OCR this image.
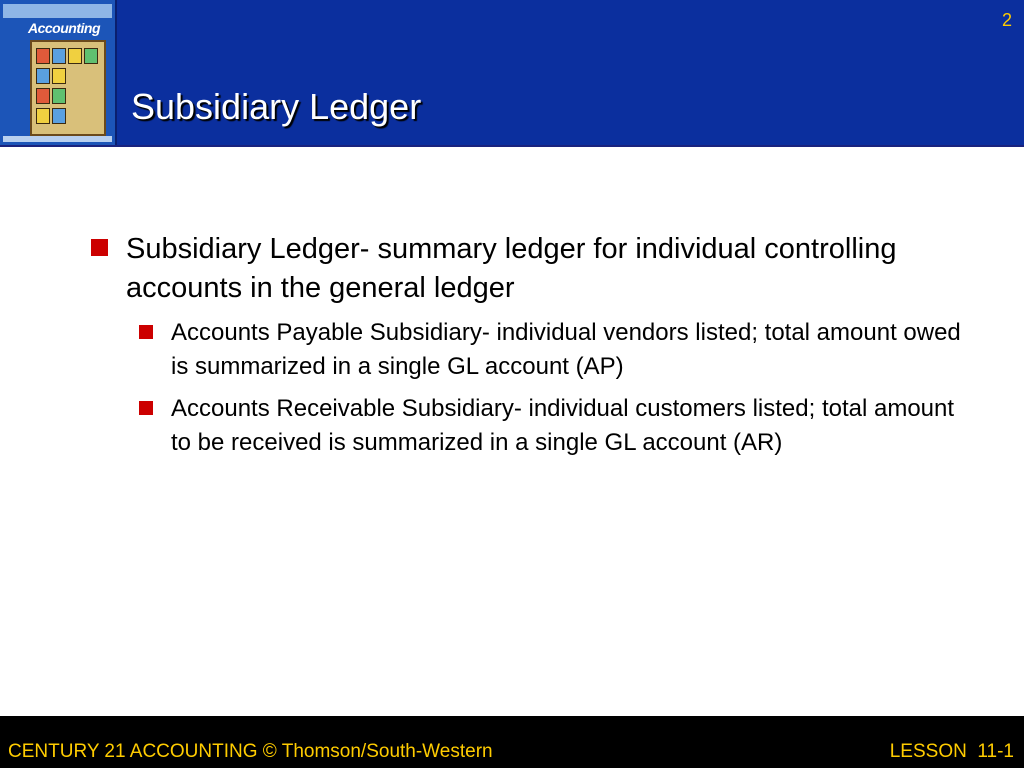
Accounting	2
Subsidiary Ledger
Subsidiary Ledger- summary ledger for individual controlling accounts in the general ledger
Accounts Payable Subsidiary- individual vendors listed; total amount owed is summarized in a single GL account (AP)
Accounts Receivable Subsidiary- individual customers listed; total amount to be received is summarized in a single GL account (AR)
CENTURY 21 ACCOUNTING © Thomson/South-Western	LESSON  11-1
